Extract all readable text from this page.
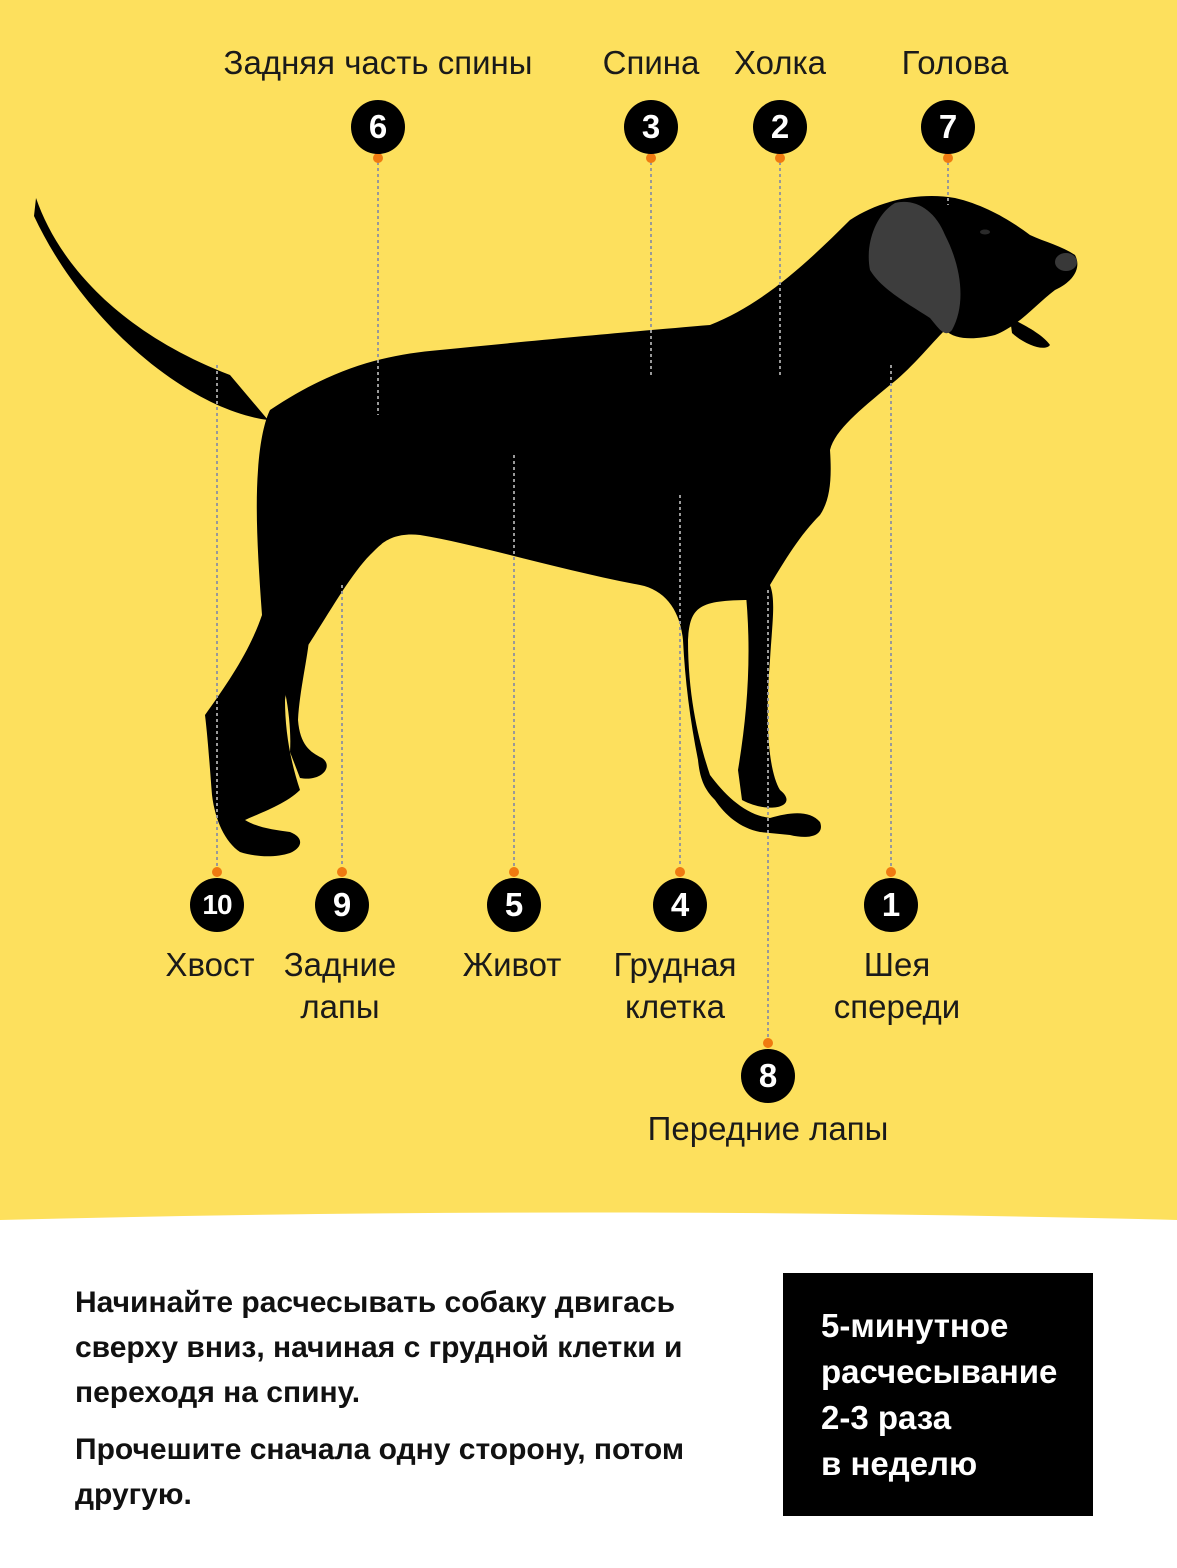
1
2
3
4
5
6	7
8
9
10
Шея
спереди
Холка
Спина
Грудная
клетка
Живот
Задняя часть спины	Голова
Передние лапы
Задние
лапы
Хвост

Начинайте расчесывать собаку двигась сверху вниз, начиная с грудной клетки и переходя на спину.

Прочешите сначала одну сторону, потом другую.

5-минутное
расчесывание
2-3 раза
в неделю
